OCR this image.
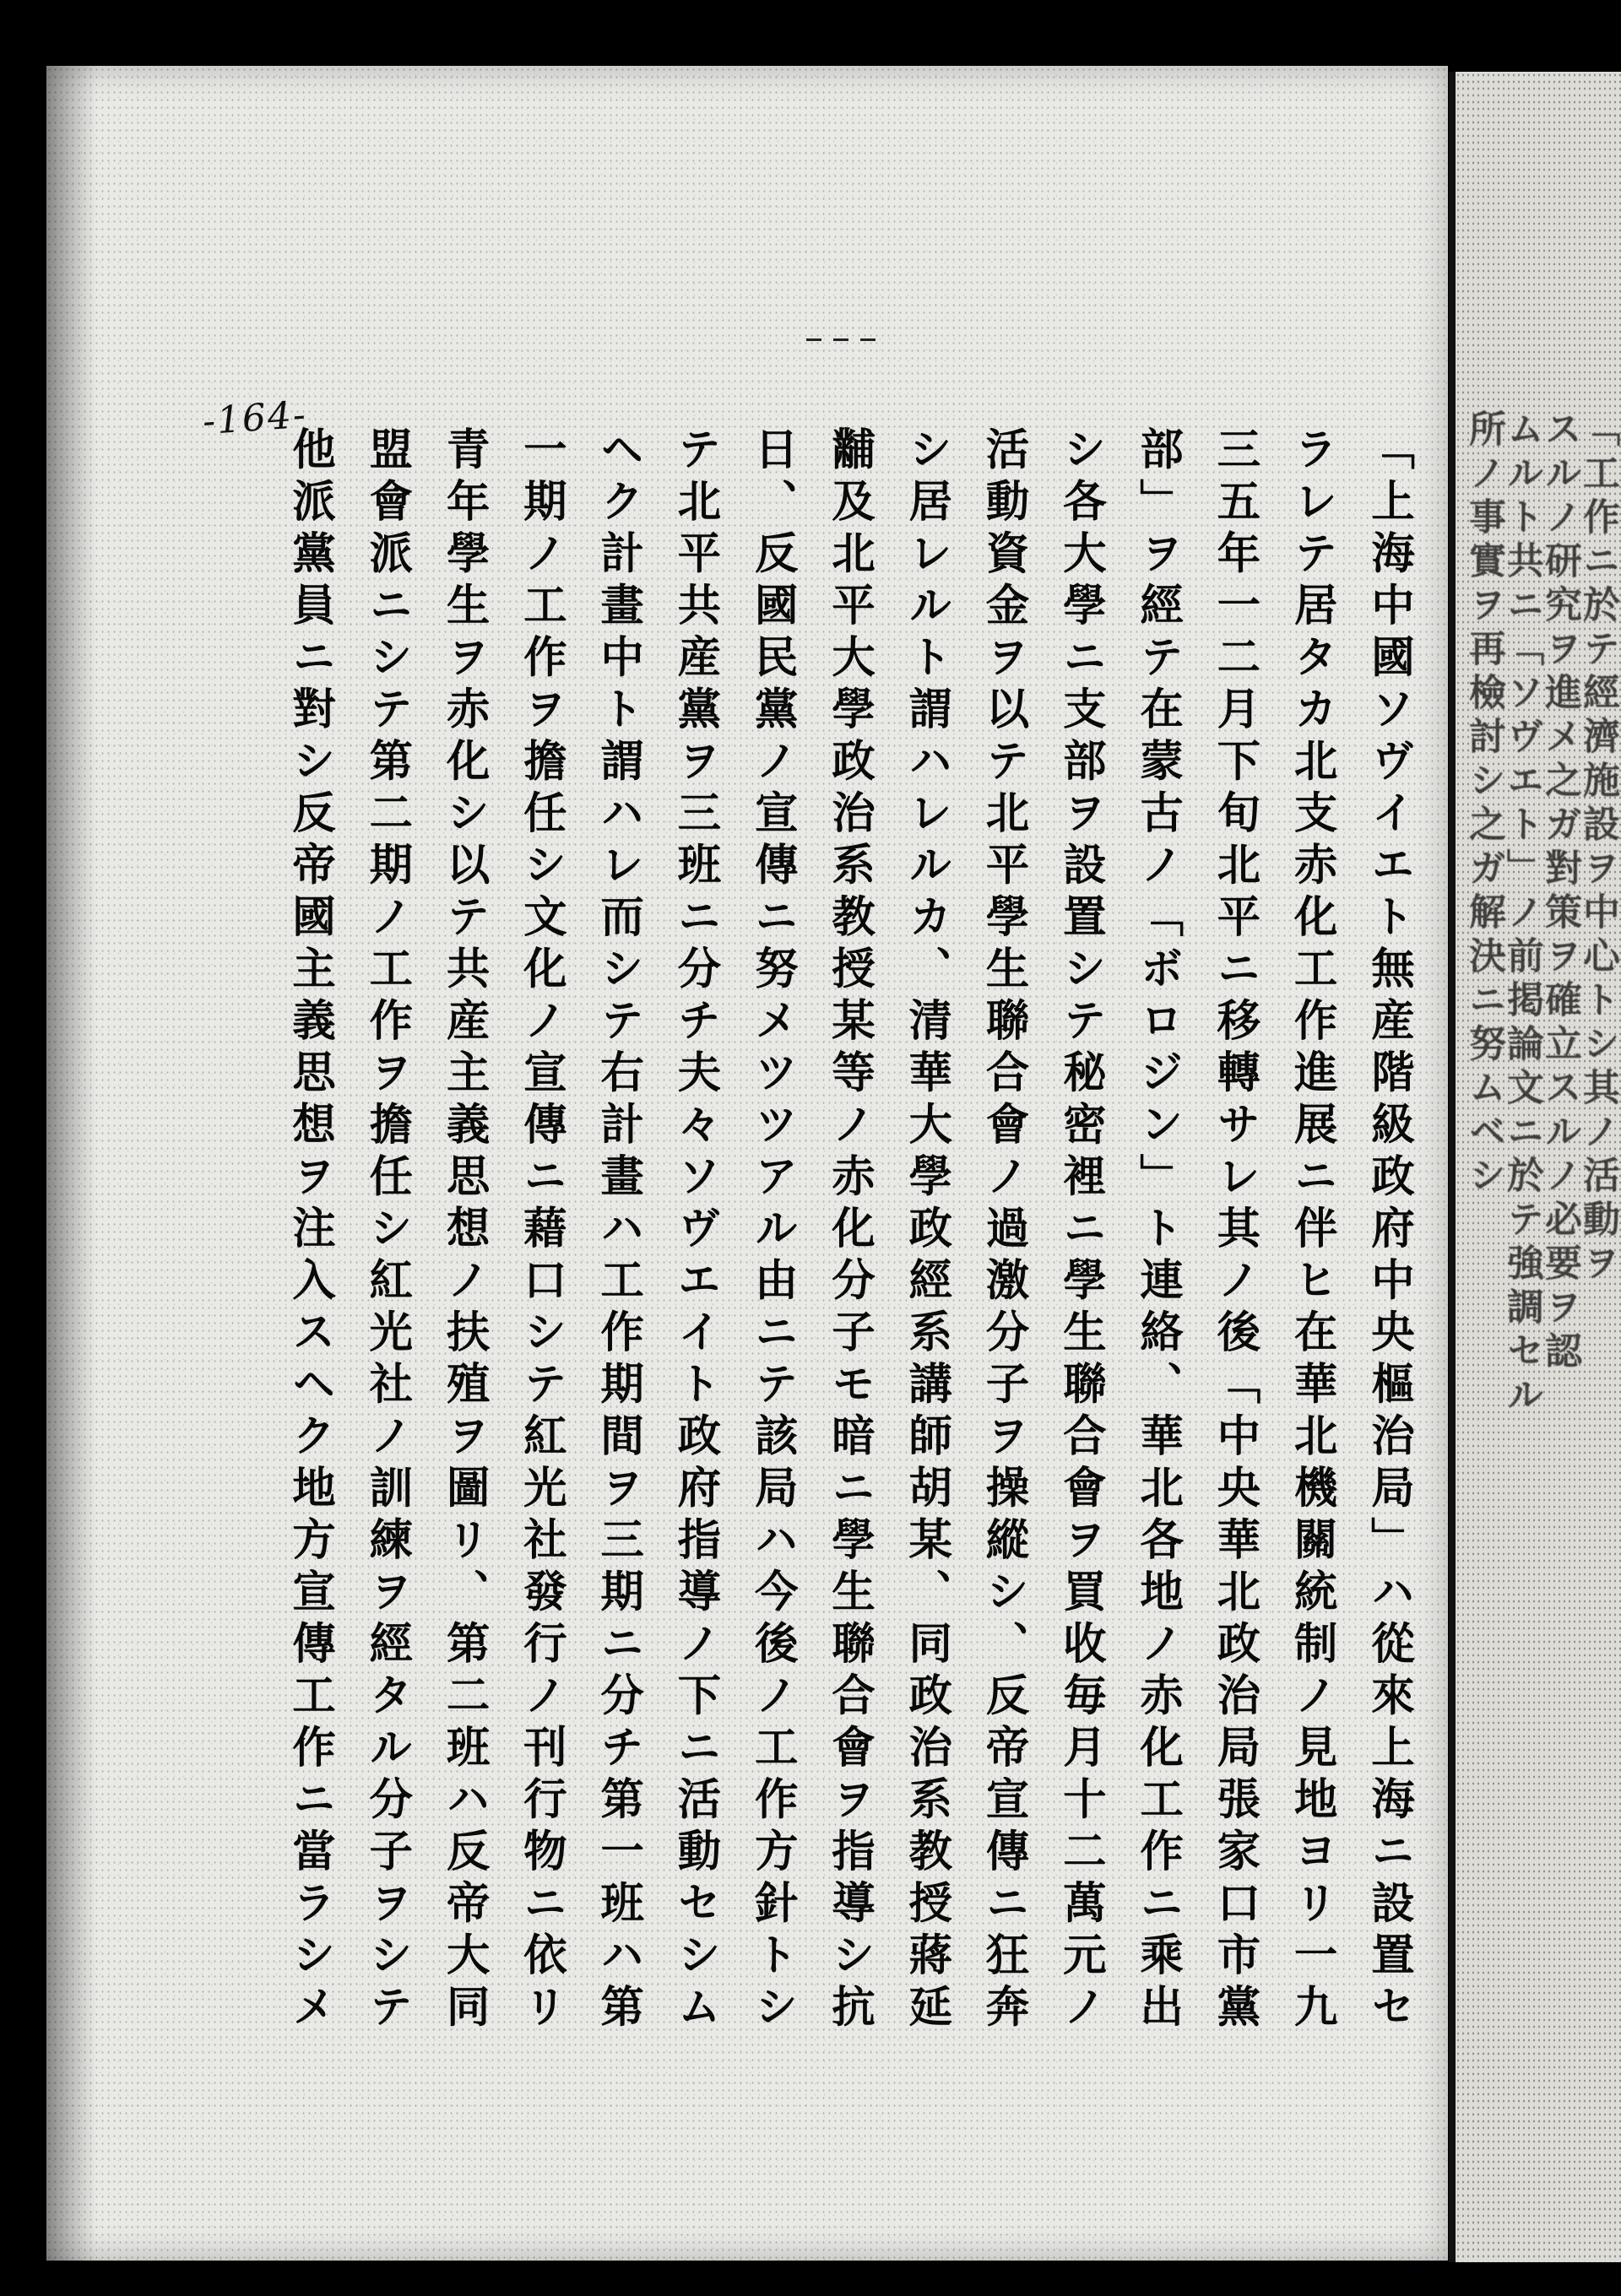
-164-
「上海中國ソヴイエト無産階級政府中央樞治局」ハ從來上海ニ設置セ
ラレテ居タカ北支赤化工作進展ニ伴ヒ在華北機關統制ノ見地ヨリ一九
三五年一二月下旬北平ニ移轉サレ其ノ後「中央華北政治局張家口市黨
部」ヲ經テ在蒙古ノ「ボロジン」ト連絡、華北各地ノ赤化工作ニ乘出
シ各大學ニ支部ヲ設置シテ秘密裡ニ學生聯合會ヲ買收毎月十二萬元ノ
活動資金ヲ以テ北平學生聯合會ノ過激分子ヲ操縱シ、反帝宣傳ニ狂奔
シ居レルト謂ハレルカ、清華大學政經系講師胡某、同政治系教授蔣延
黼及北平大學政治系教授某等ノ赤化分子モ暗ニ學生聯合會ヲ指導シ抗
日、反國民黨ノ宣傳ニ努メツツアル由ニテ該局ハ今後ノ工作方針トシ
テ北平共産黨ヲ三班ニ分チ夫々ソヴエイト政府指導ノ下ニ活動セシム
ヘク計畫中ト謂ハレ而シテ右計畫ハ工作期間ヲ三期ニ分チ第一班ハ第
一期ノ工作ヲ擔任シ文化ノ宣傳ニ藉口シテ紅光社發行ノ刊行物ニ依リ
青年學生ヲ赤化シ以テ共産主義思想ノ扶殖ヲ圖リ、第二班ハ反帝大同
盟會派ニシテ第二期ノ工作ヲ擔任シ紅光社ノ訓練ヲ經タル分子ヲシテ
他派黨員ニ對シ反帝國主義思想ヲ注入スヘク地方宣傳工作ニ當ラシメ	「工作ニ於テ經濟施設ヲ中心トシ其ノ活動ヲ
スルノ研究ヲ進メ之ガ對策ヲ確立スルノ必要ヲ認
ムルト共ニ「ソヴエト」ノ前掲論文ニ於テ強調セル
所ノ事實ヲ再檢討シ之ガ解決ニ努ムベシ
